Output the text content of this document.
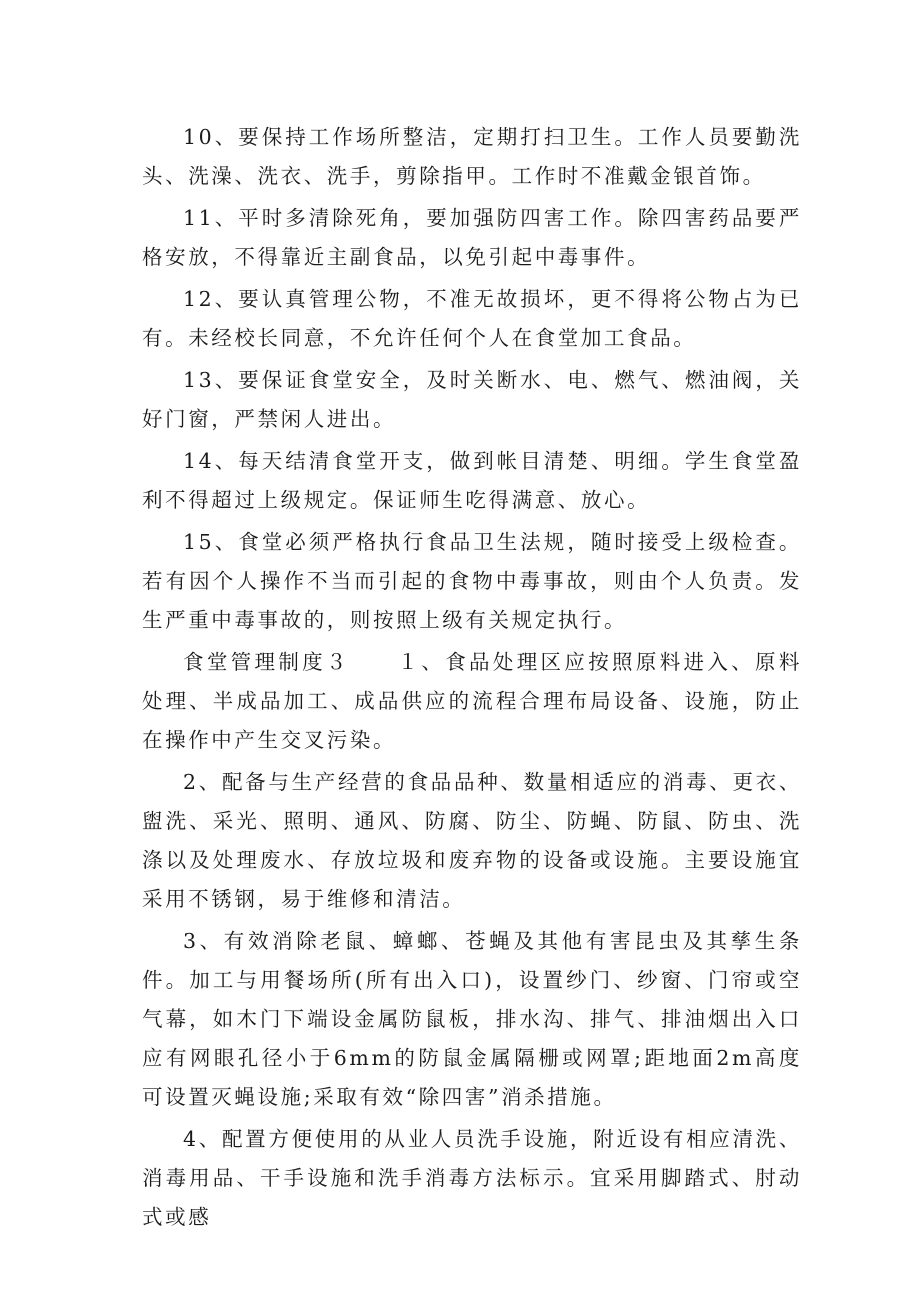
10、要保持工作场所整洁，定期打扫卫生。工作人员要勤洗头、洗澡、洗衣、洗手，剪除指甲。工作时不准戴金银首饰。

11、平时多清除死角，要加强防四害工作。除四害药品要严格安放，不得靠近主副食品，以免引起中毒事件。

12、要认真管理公物，不准无故损坏，更不得将公物占为已有。未经校长同意，不允许任何个人在食堂加工食品。

13、要保证食堂安全，及时关断水、电、燃气、燃油阀，关好门窗，严禁闲人进出。

14、每天结清食堂开支，做到帐目清楚、明细。学生食堂盈利不得超过上级规定。保证师生吃得满意、放心。

15、食堂必须严格执行食品卫生法规，随时接受上级检查。若有因个人操作不当而引起的食物中毒事故，则由个人负责。发生严重中毒事故的，则按照上级有关规定执行。

食堂管理制度３　　１、食品处理区应按照原料进入、原料处理、半成品加工、成品供应的流程合理布局设备、设施，防止在操作中产生交叉污染。

2、配备与生产经营的食品品种、数量相适应的消毒、更衣、盥洗、采光、照明、通风、防腐、防尘、防蝇、防鼠、防虫、洗涤以及处理废水、存放垃圾和废弃物的设备或设施。主要设施宜采用不锈钢，易于维修和清洁。

3、有效消除老鼠、蟑螂、苍蝇及其他有害昆虫及其孳生条件。加工与用餐场所(所有出入口)，设置纱门、纱窗、门帘或空气幕，如木门下端设金属防鼠板，排水沟、排气、排油烟出入口应有网眼孔径小于6mm的防鼠金属隔栅或网罩;距地面2m高度可设置灭蝇设施;采取有效“除四害”消杀措施。

4、配置方便使用的从业人员洗手设施，附近设有相应清洗、消毒用品、干手设施和洗手消毒方法标示。宜采用脚踏式、肘动式或感
